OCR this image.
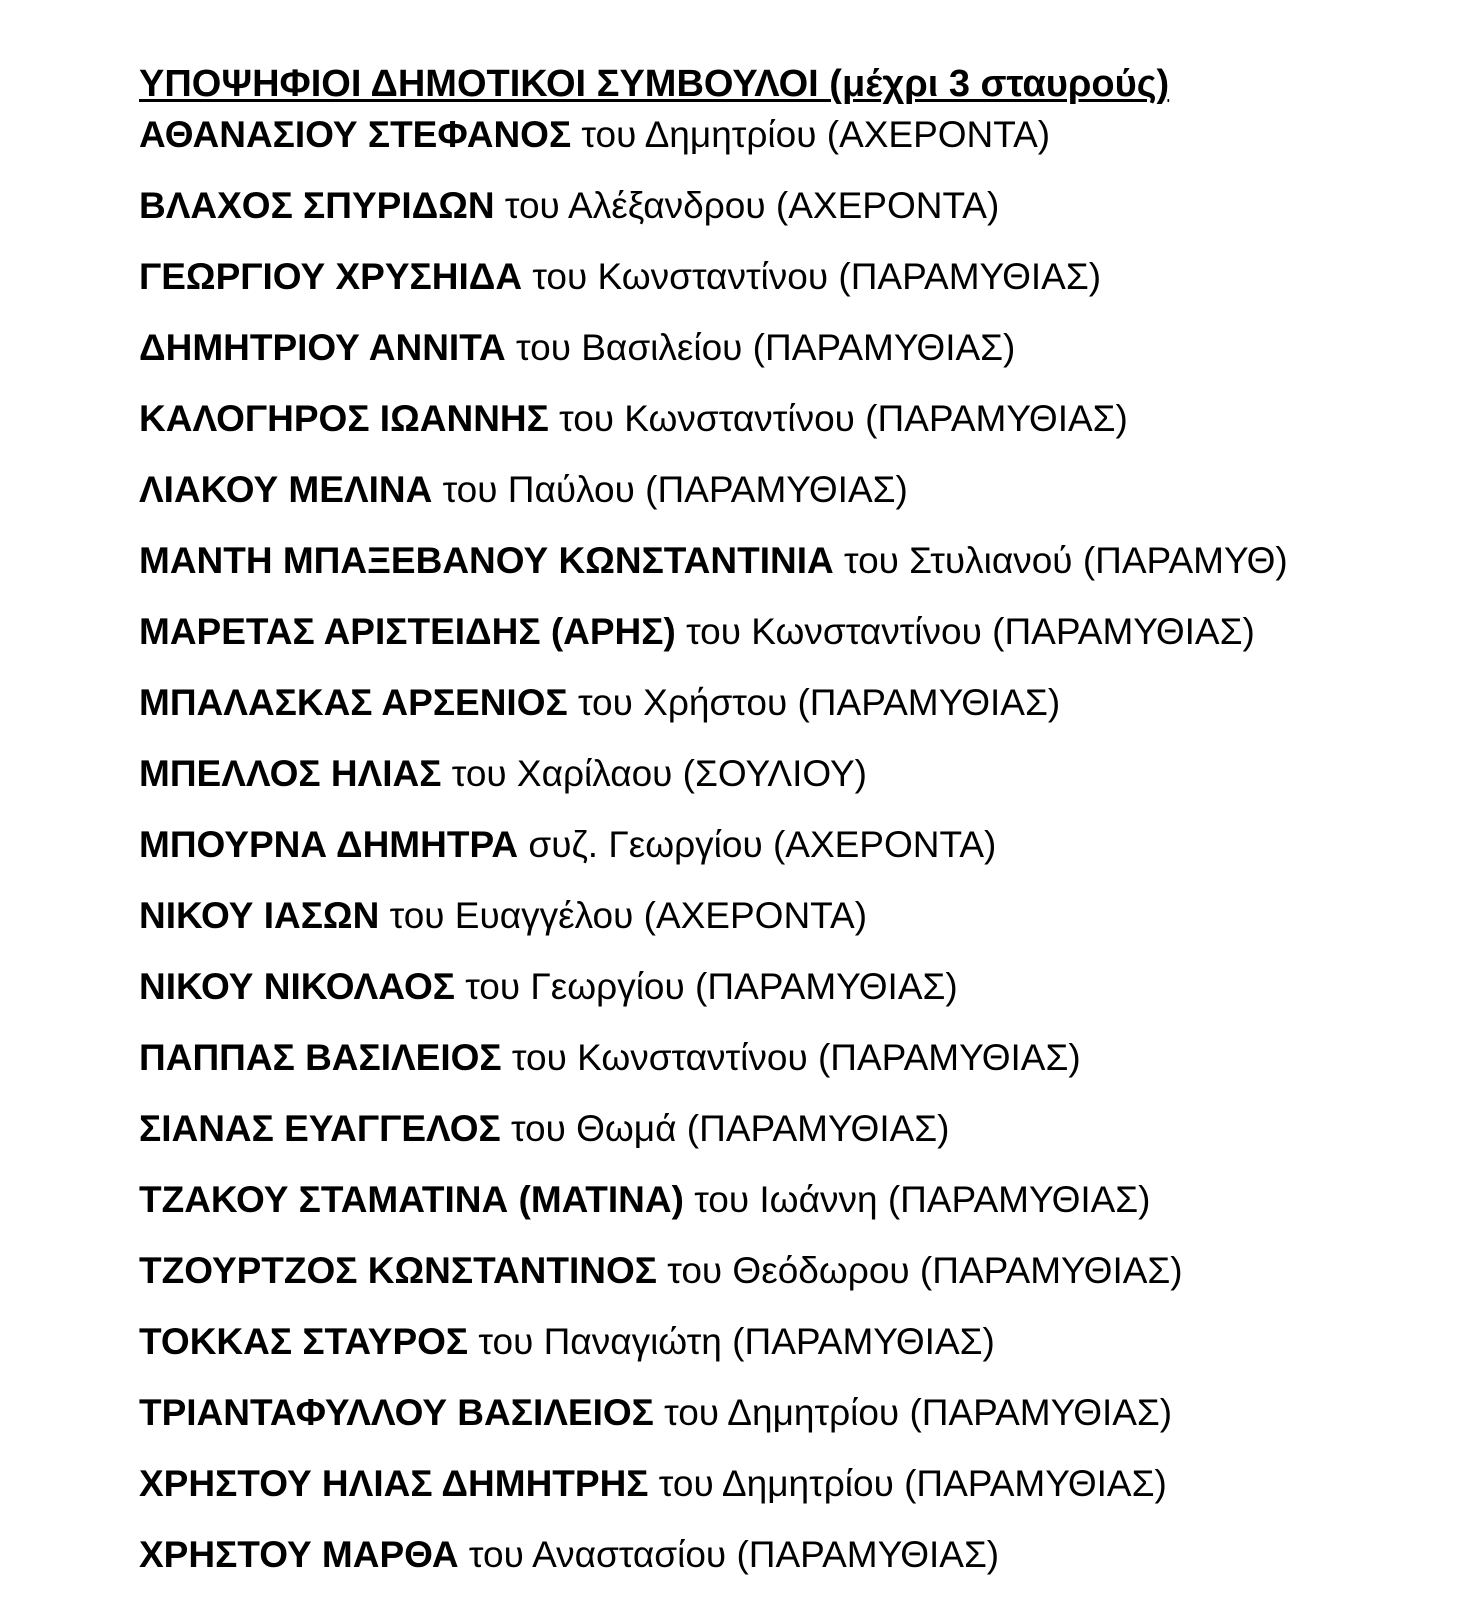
ΥΠΟΨΗΦΙΟΙ ΔΗΜΟΤΙΚΟΙ ΣΥΜΒΟΥΛΟΙ (μέχρι 3 σταυρούς)
ΑΘΑΝΑΣΙΟΥ ΣΤΕΦΑΝΟΣ του Δημητρίου (ΑΧΕΡΟΝΤΑ)
ΒΛΑΧΟΣ ΣΠΥΡΙΔΩΝ του Αλέξανδρου (ΑΧΕΡΟΝΤΑ)
ΓΕΩΡΓΙΟΥ ΧΡΥΣΗΙΔΑ του Κωνσταντίνου (ΠΑΡΑΜΥΘΙΑΣ)
ΔΗΜΗΤΡΙΟΥ ΑΝΝΙΤΑ του Βασιλείου (ΠΑΡΑΜΥΘΙΑΣ)
ΚΑΛΟΓΗΡΟΣ ΙΩΑΝΝΗΣ του Κωνσταντίνου (ΠΑΡΑΜΥΘΙΑΣ)
ΛΙΑΚΟΥ ΜΕΛΙΝΑ του Παύλου (ΠΑΡΑΜΥΘΙΑΣ)
ΜΑΝΤΗ ΜΠΑΞΕΒΑΝΟΥ ΚΩΝΣΤΑΝΤΙΝΙΑ του Στυλιανού (ΠΑΡΑΜΥΘ)
ΜΑΡΕΤΑΣ ΑΡΙΣΤΕΙΔΗΣ (ΑΡΗΣ) του Κωνσταντίνου (ΠΑΡΑΜΥΘΙΑΣ)
ΜΠΑΛΑΣΚΑΣ ΑΡΣΕΝΙΟΣ του Χρήστου (ΠΑΡΑΜΥΘΙΑΣ)
ΜΠΕΛΛΟΣ ΗΛΙΑΣ του Χαρίλαου (ΣΟΥΛΙΟΥ)
ΜΠΟΥΡΝΑ ΔΗΜΗΤΡΑ συζ. Γεωργίου (ΑΧΕΡΟΝΤΑ)
ΝΙΚΟΥ ΙΑΣΩΝ του Ευαγγέλου (ΑΧΕΡΟΝΤΑ)
ΝΙΚΟΥ ΝΙΚΟΛΑΟΣ του Γεωργίου (ΠΑΡΑΜΥΘΙΑΣ)
ΠΑΠΠΑΣ ΒΑΣΙΛΕΙΟΣ του Κωνσταντίνου (ΠΑΡΑΜΥΘΙΑΣ)
ΣΙΑΝΑΣ ΕΥΑΓΓΕΛΟΣ του Θωμά (ΠΑΡΑΜΥΘΙΑΣ)
ΤΖΑΚΟΥ ΣΤΑΜΑΤΙΝΑ (ΜΑΤΙΝΑ) του Ιωάννη (ΠΑΡΑΜΥΘΙΑΣ)
ΤΖΟΥΡΤΖΟΣ ΚΩΝΣΤΑΝΤΙΝΟΣ του Θεόδωρου (ΠΑΡΑΜΥΘΙΑΣ)
ΤΟΚΚΑΣ ΣΤΑΥΡΟΣ του Παναγιώτη (ΠΑΡΑΜΥΘΙΑΣ)
ΤΡΙΑΝΤΑΦΥΛΛΟΥ ΒΑΣΙΛΕΙΟΣ του Δημητρίου (ΠΑΡΑΜΥΘΙΑΣ)
ΧΡΗΣΤΟΥ ΗΛΙΑΣ ΔΗΜΗΤΡΗΣ του Δημητρίου (ΠΑΡΑΜΥΘΙΑΣ)
ΧΡΗΣΤΟΥ ΜΑΡΘΑ του Αναστασίου (ΠΑΡΑΜΥΘΙΑΣ)
